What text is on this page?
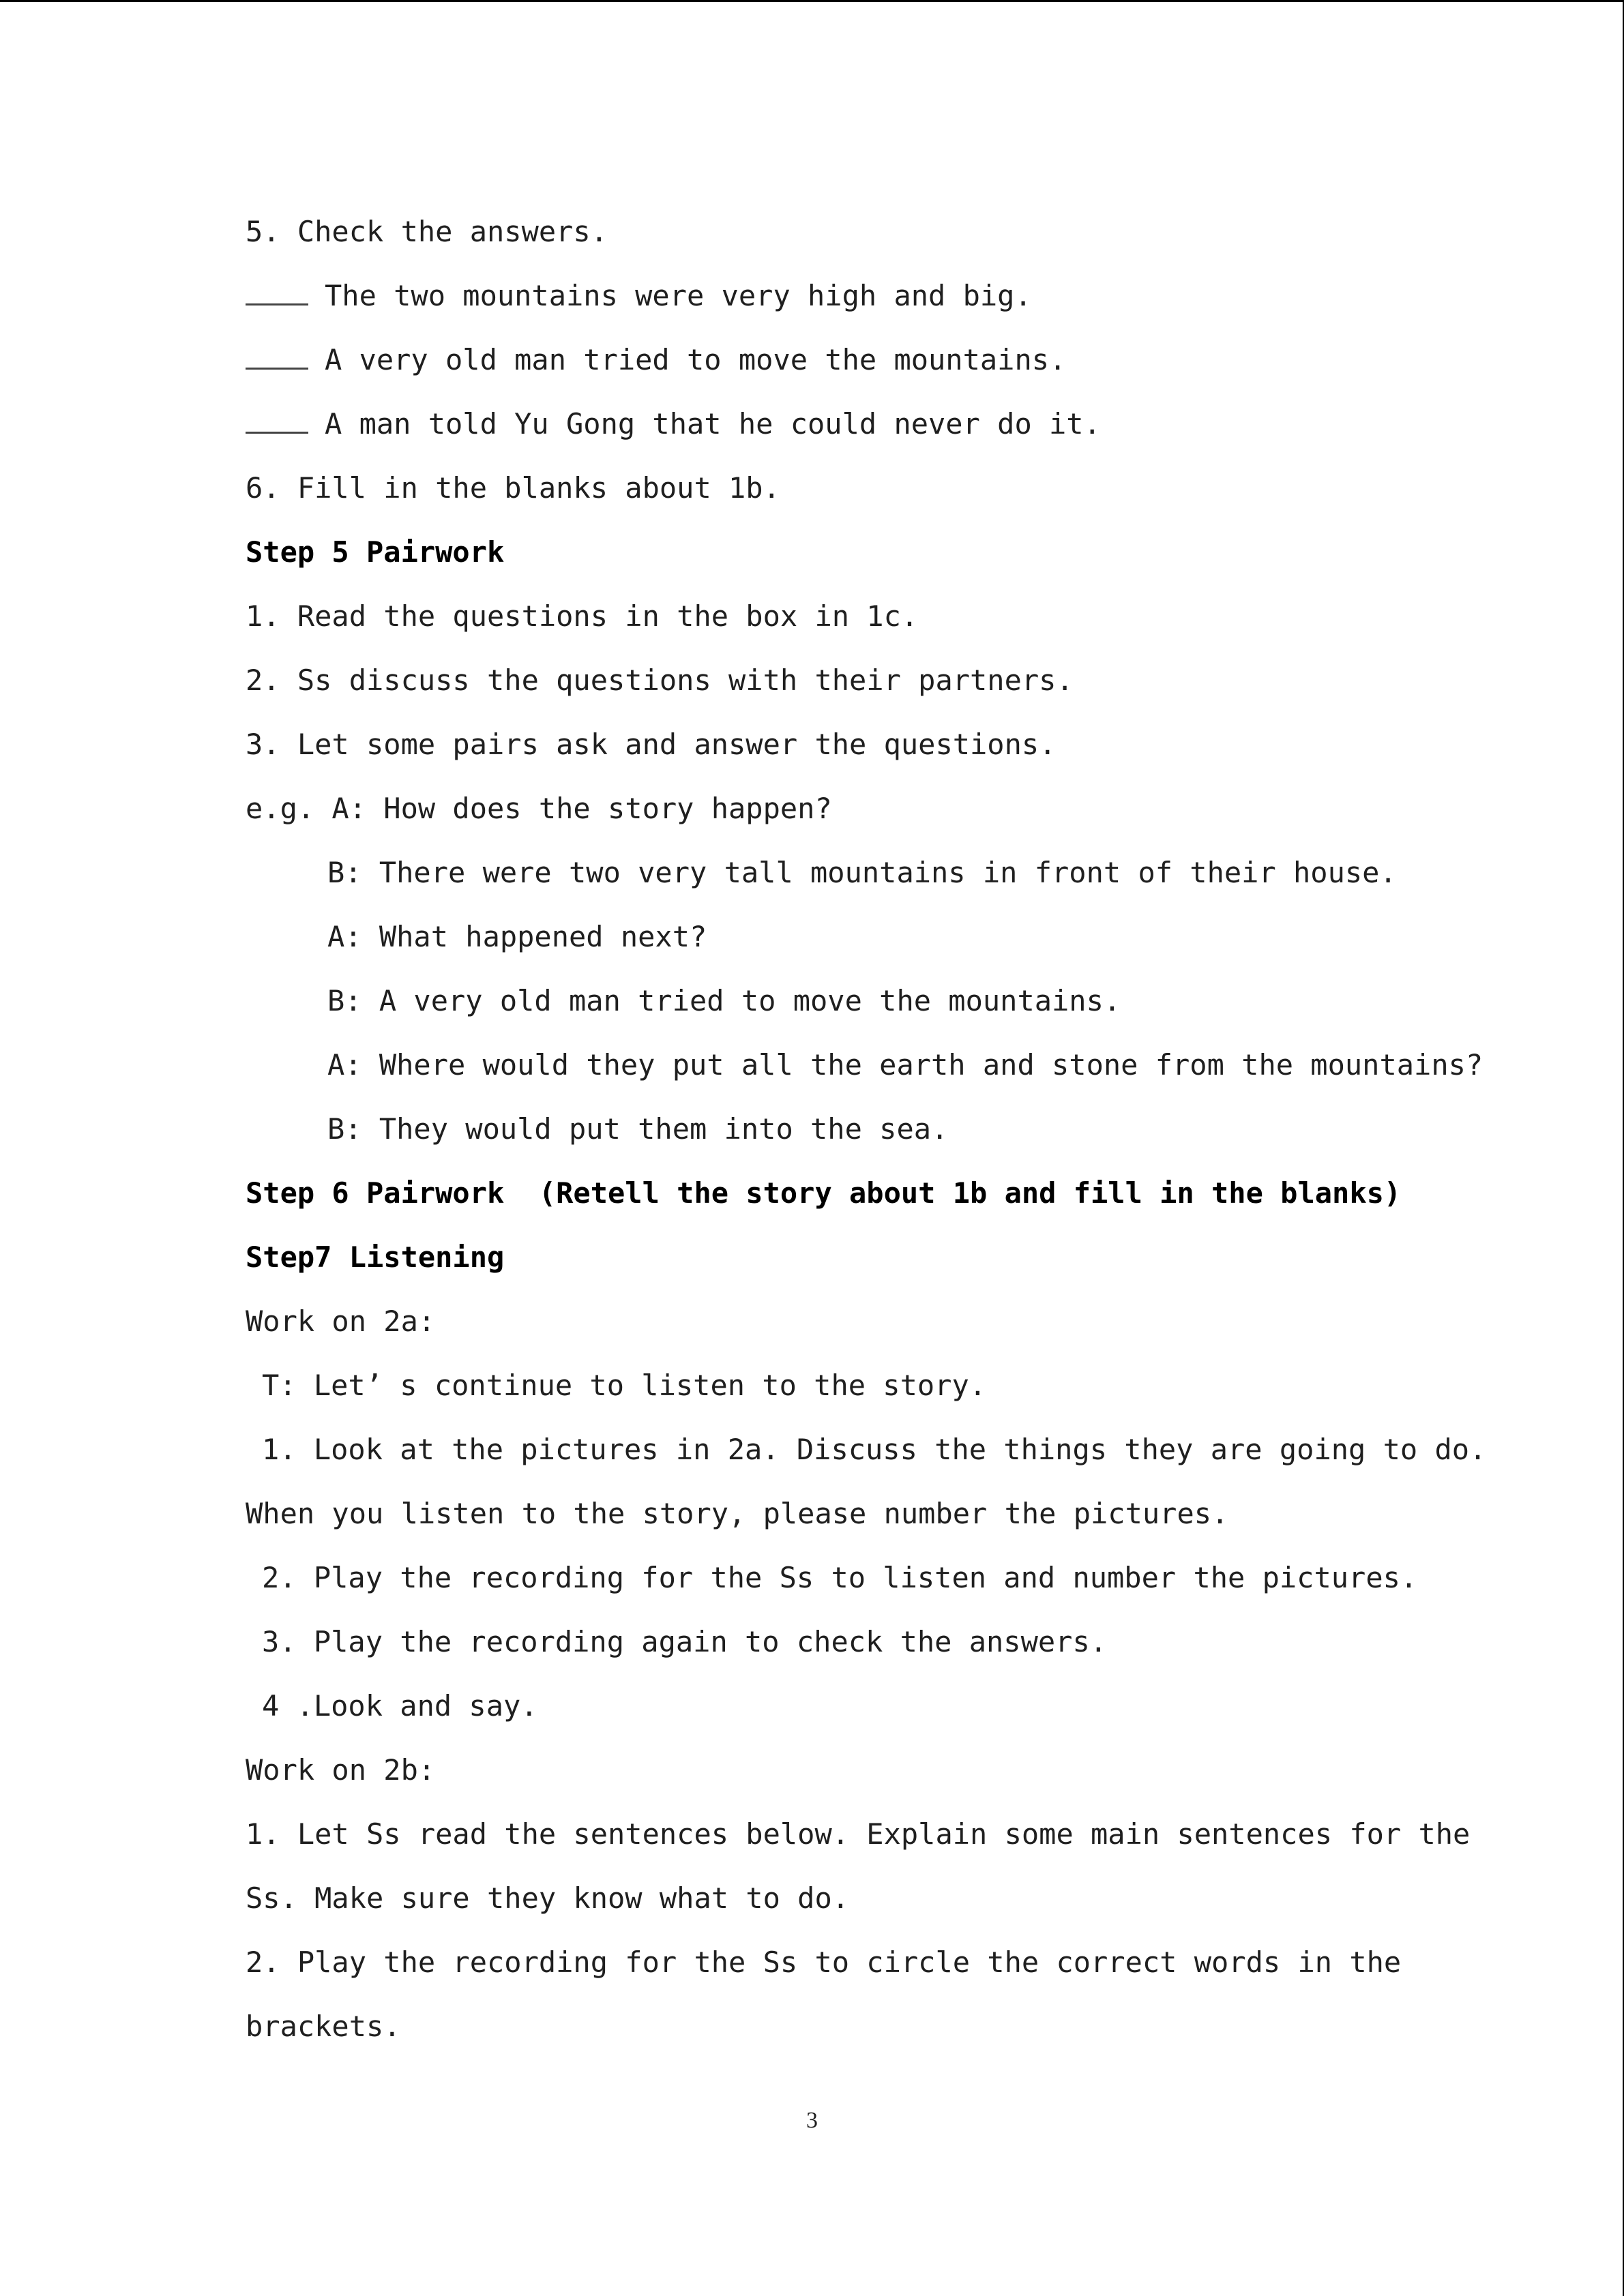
5. Check the answers.
The two mountains were very high and big.
A very old man tried to move the mountains.
A man told Yu Gong that he could never do it.
6. Fill in the blanks about 1b.
Step 5 Pairwork
1. Read the questions in the box in 1c.
2. Ss discuss the questions with their partners.
3. Let some pairs ask and answer the questions.
e.g. A: How does the story happen?
B: There were two very tall mountains in front of their house.
A: What happened next?
B: A very old man tried to move the mountains.
A: Where would they put all the earth and stone from the mountains?
B: They would put them into the sea.
Step 6 Pairwork  (Retell the story about 1b and fill in the blanks)
Step7 Listening
Work on 2a:
T: Let’ s continue to listen to the story.
1. Look at the pictures in 2a. Discuss the things they are going to do.
When you listen to the story, please number the pictures.
2. Play the recording for the Ss to listen and number the pictures.
3. Play the recording again to check the answers.
4 .Look and say.
Work on 2b:
1. Let Ss read the sentences below. Explain some main sentences for the
Ss. Make sure they know what to do.
2. Play the recording for the Ss to circle the correct words in the
brackets.
3
